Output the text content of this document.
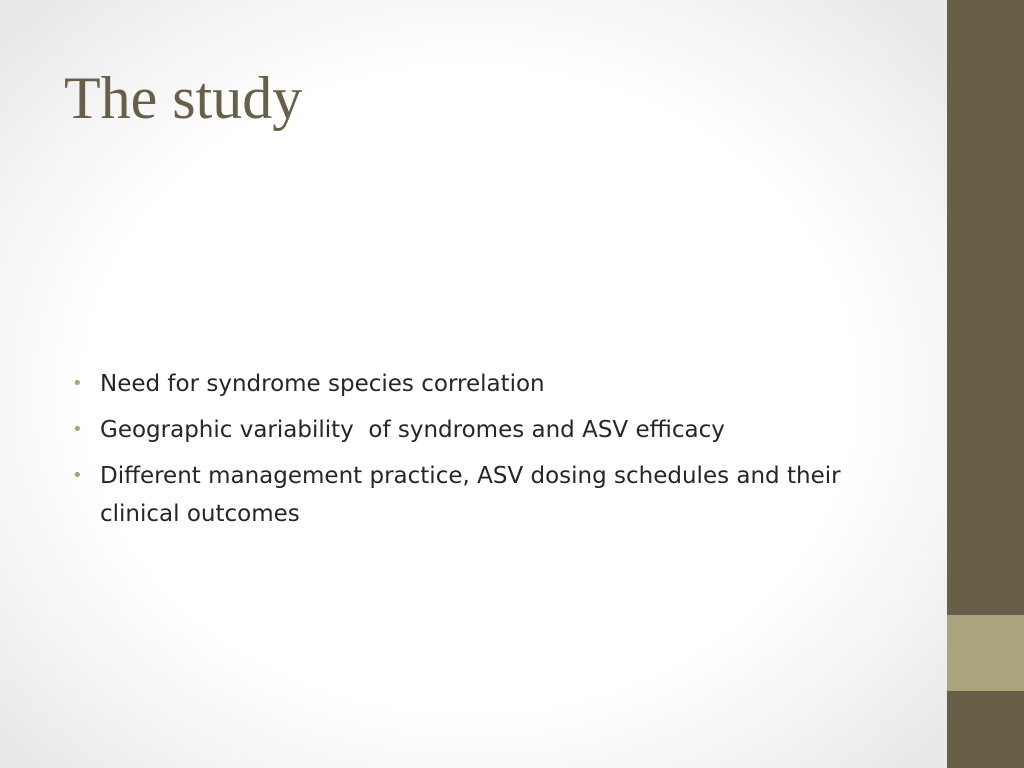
The study
• Need for syndrome species correlation
• Geographic variability  of syndromes and ASV efficacy
• Different management practice, ASV dosing schedules and their clinical outcomes
